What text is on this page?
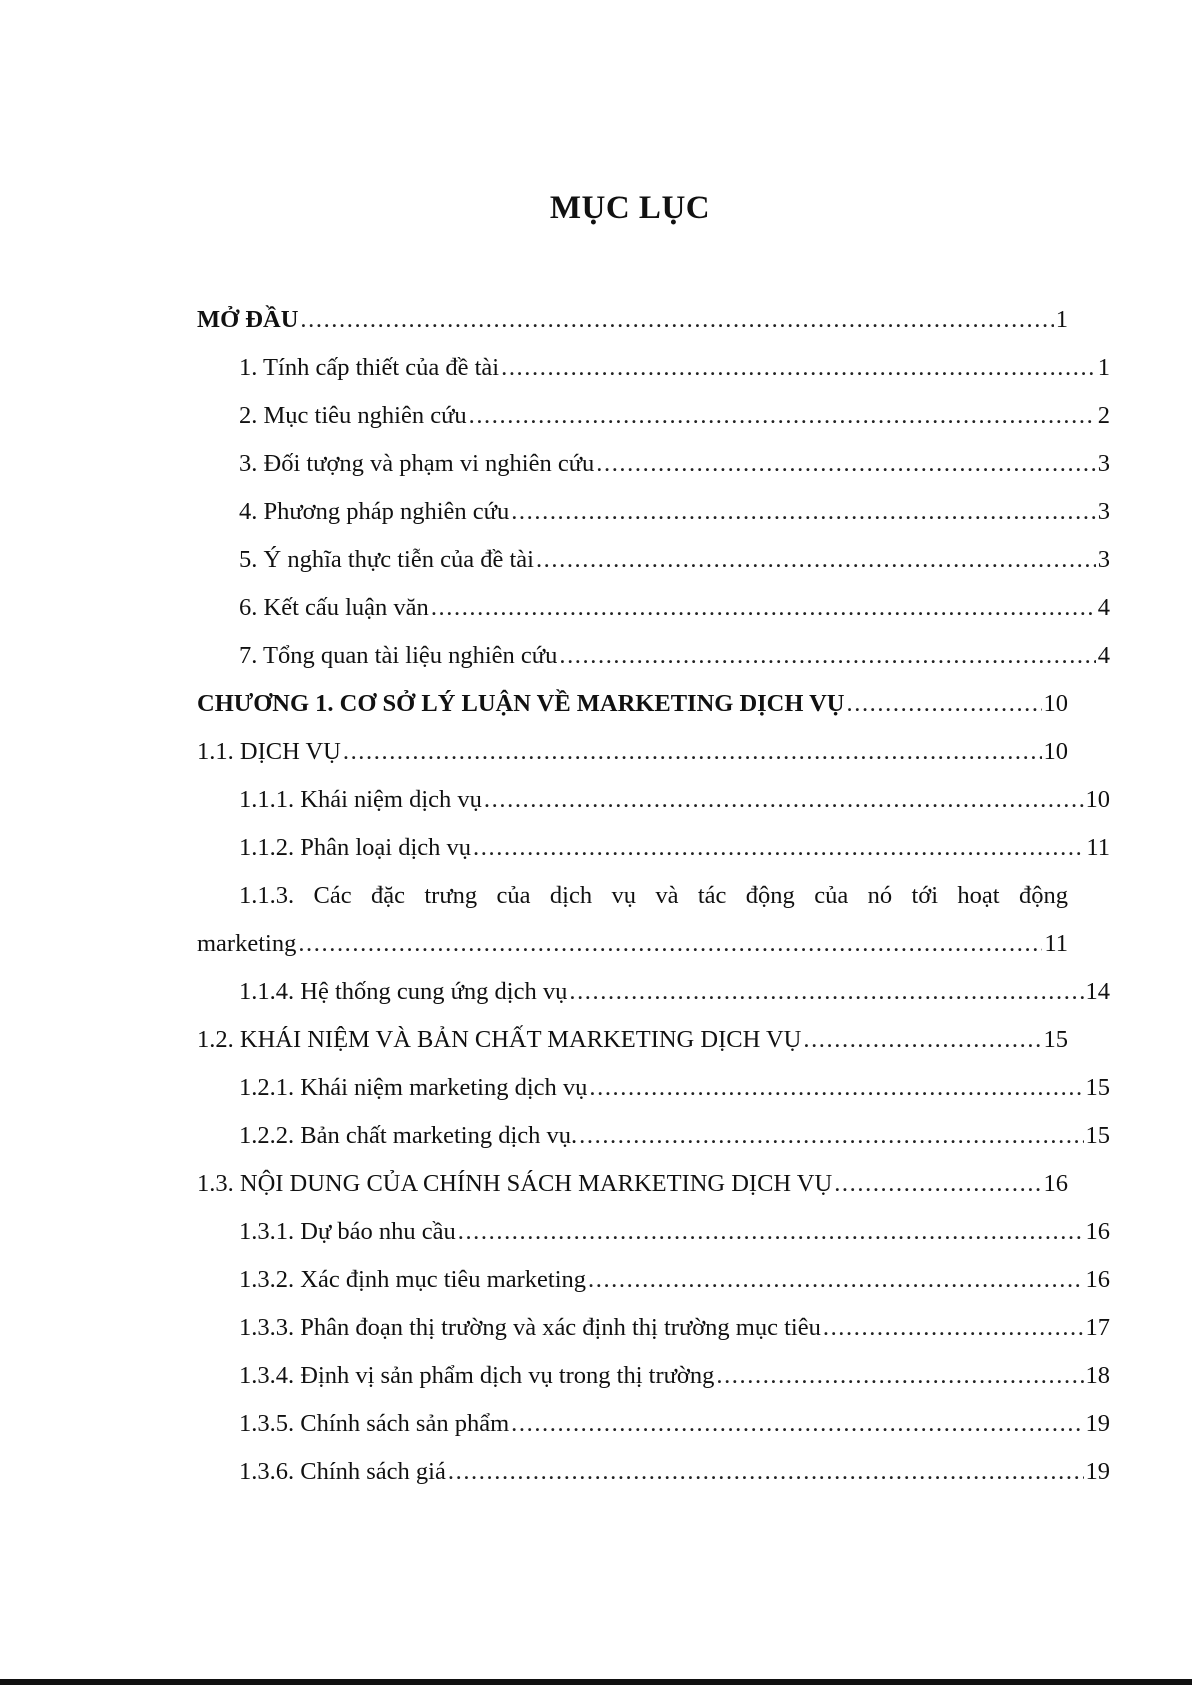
MỤC LỤC
MỞ ĐẦU .....	1
1. Tính cấp thiết của đề tài .....	1
2. Mục tiêu nghiên cứu .....	2
3. Đối tượng và phạm vi nghiên cứu .....	3
4. Phương pháp nghiên cứu .....	3
5. Ý nghĩa thực tiễn của đề tài .....	3
6. Kết cấu luận văn .....	4
7. Tổng quan tài liệu nghiên cứu .....	4
CHƯƠNG 1. CƠ SỞ LÝ LUẬN VỀ MARKETING DỊCH VỤ .....	10
1.1. DỊCH VỤ .....	10
1.1.1. Khái niệm dịch vụ .....	10
1.1.2. Phân loại dịch vụ .....	11
1.1.3. Các đặc trưng của dịch vụ và tác động của nó tới hoạt động
marketing .....	11
1.1.4. Hệ thống cung ứng dịch vụ .....	14
1.2. KHÁI NIỆM VÀ BẢN CHẤT MARKETING DỊCH VỤ .....	15
1.2.1. Khái niệm marketing dịch vụ .....	15
1.2.2. Bản chất marketing dịch vụ. .....	15
1.3. NỘI DUNG CỦA CHÍNH SÁCH MARKETING DỊCH VỤ .....	16
1.3.1. Dự báo nhu cầu .....	16
1.3.2. Xác định mục tiêu marketing .....	16
1.3.3. Phân đoạn thị trường và xác định thị trường mục tiêu .....	17
1.3.4. Định vị sản phẩm dịch vụ trong thị trường .....	18
1.3.5. Chính sách sản phẩm .....	19
1.3.6. Chính sách giá .....	19
